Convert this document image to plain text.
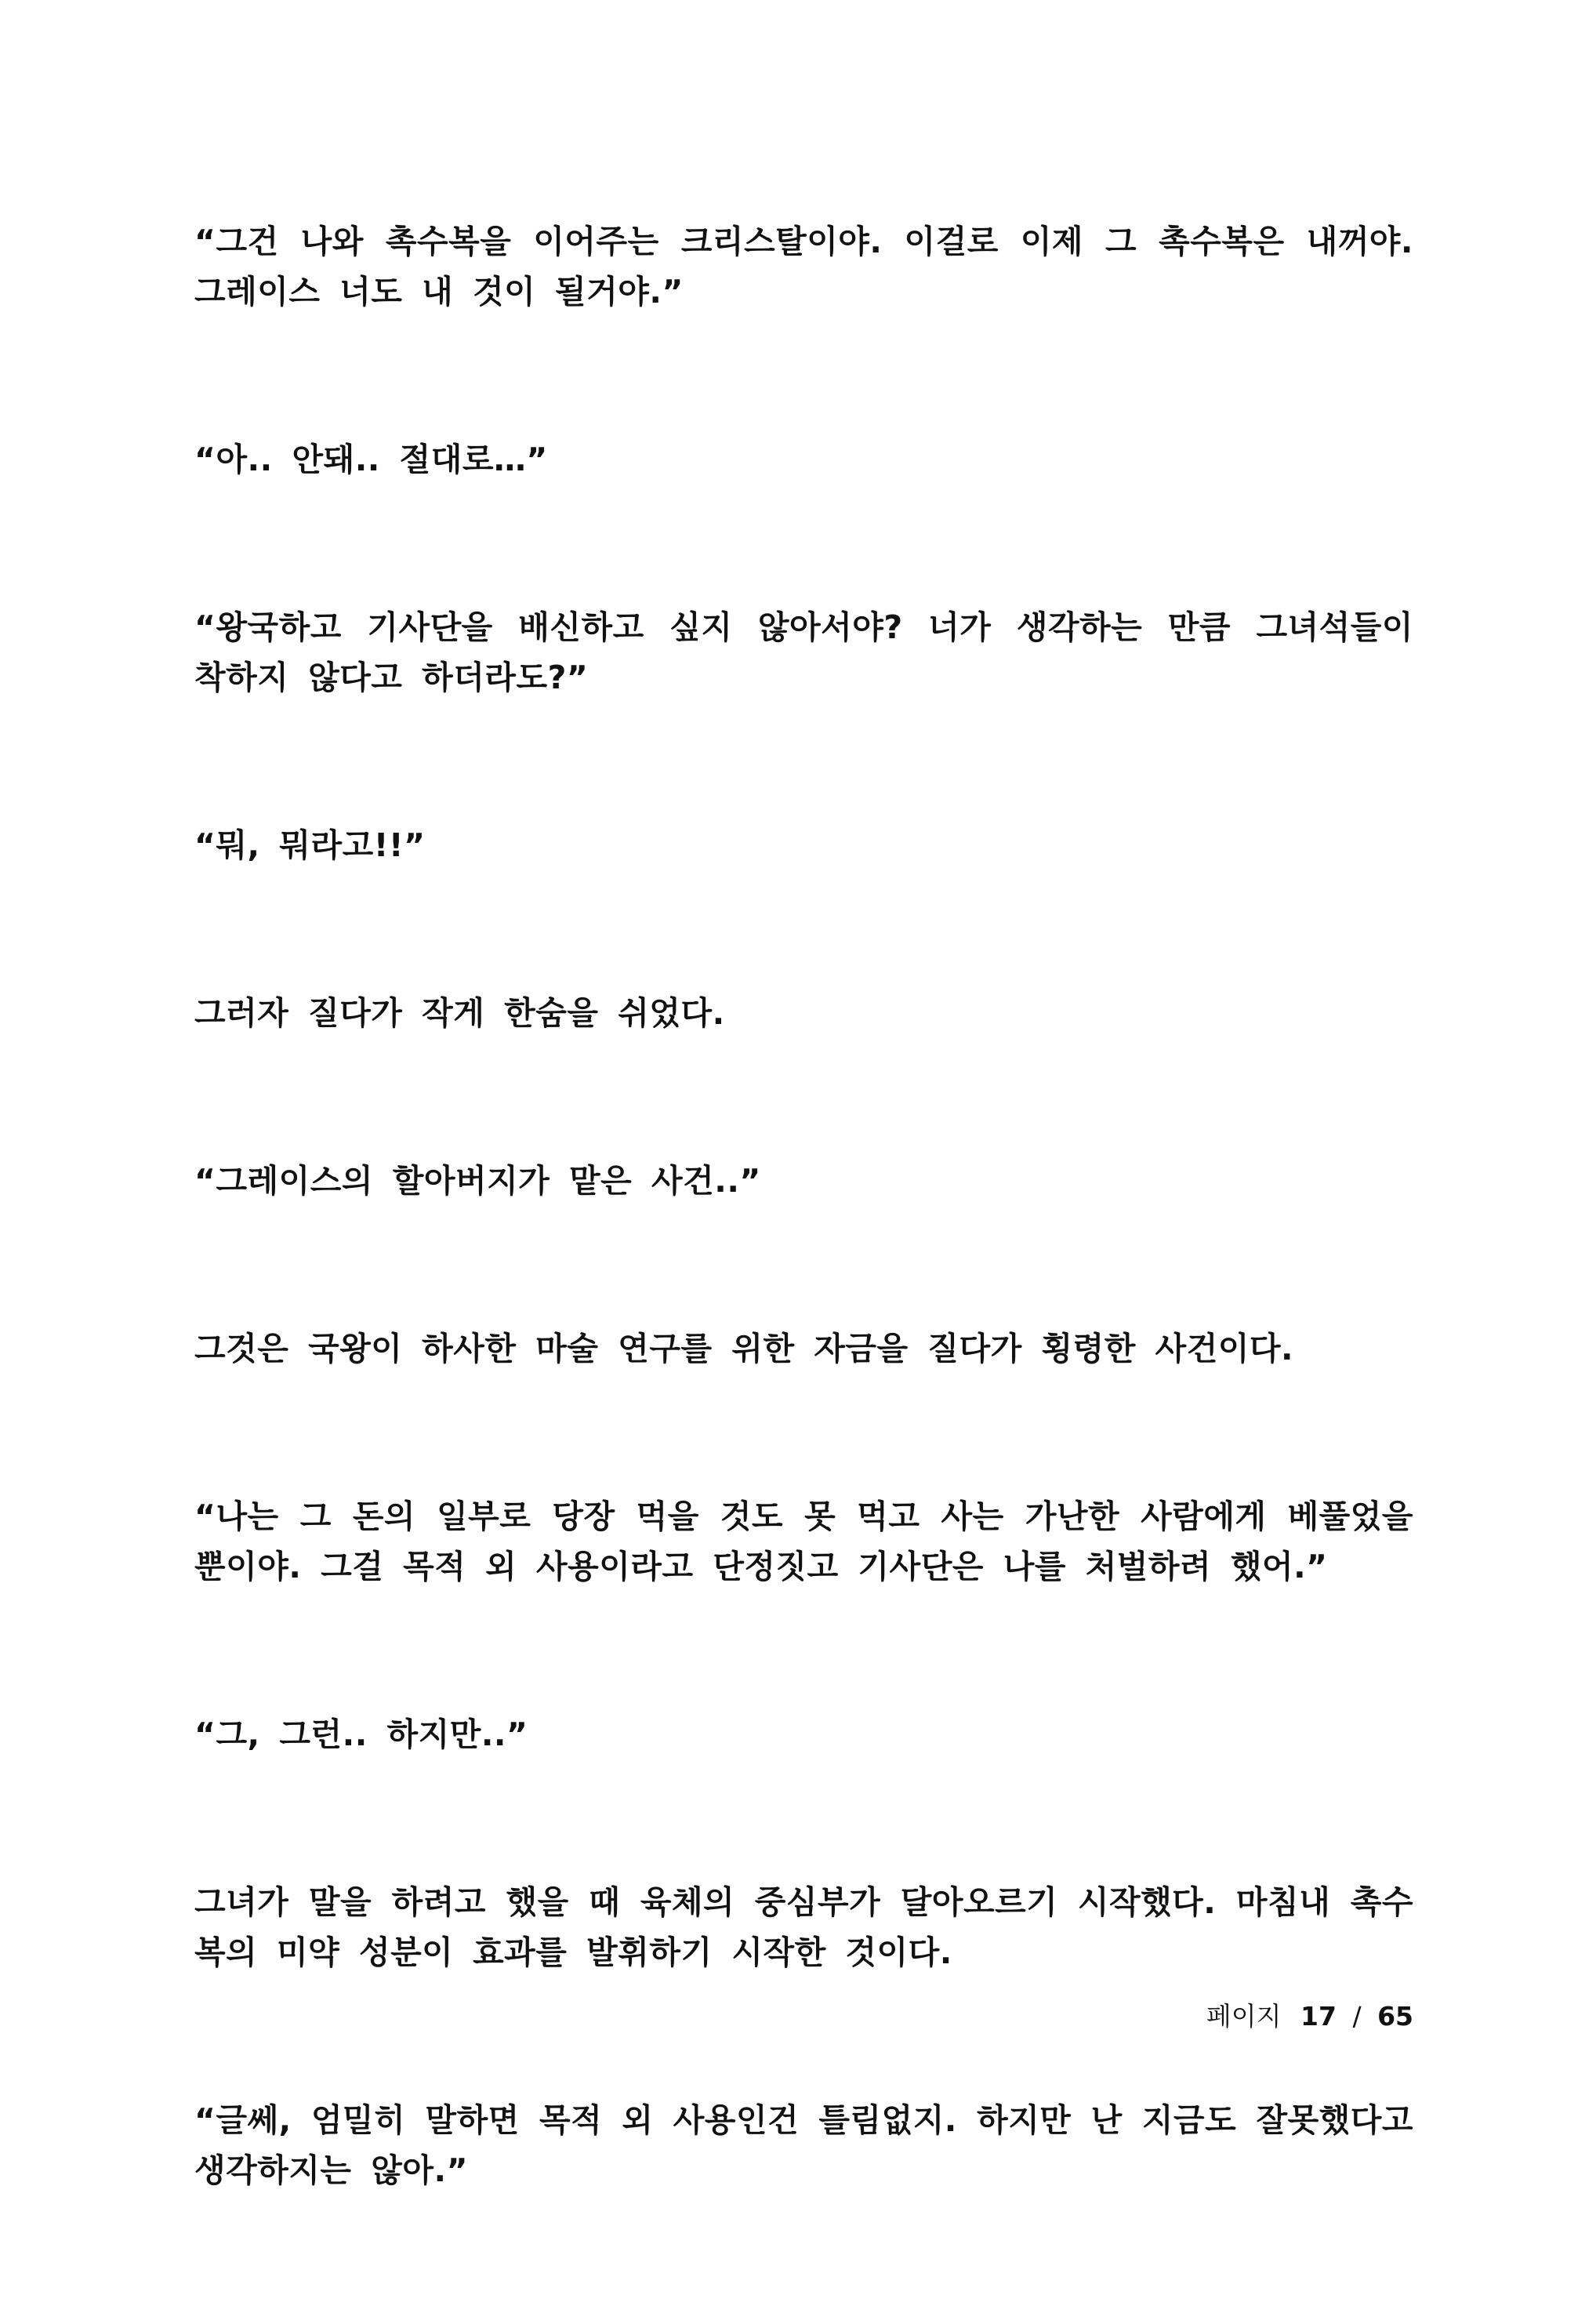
“그건 나와 촉수복을 이어주는 크리스탈이야. 이걸로 이제 그 촉수복은 내꺼야. 그레이스 너도 내 것이 될거야.”

“아.. 안돼.. 절대로…”

“왕국하고 기사단을 배신하고 싶지 않아서야? 너가 생각하는 만큼 그녀석들이 착하지 않다고 하더라도?”

“뭐, 뭐라고!!”

그러자 질다가 작게 한숨을 쉬었다.

“그레이스의 할아버지가 맡은 사건..”

그것은 국왕이 하사한 마술 연구를 위한 자금을 질다가 횡령한 사건이다.

“나는 그 돈의 일부로 당장 먹을 것도 못 먹고 사는 가난한 사람에게 베풀었을 뿐이야. 그걸 목적 외 사용이라고 단정짓고 기사단은 나를 처벌하려 했어.”

“그, 그런.. 하지만..”

그녀가 말을 하려고 했을 때 육체의 중심부가 달아오르기 시작했다. 마침내 촉수복의 미약 성분이 효과를 발휘하기 시작한 것이다.

“글쎄, 엄밀히 말하면 목적 외 사용인건 틀림없지. 하지만 난 지금도 잘못했다고 생각하지는 않아.”

페이지 17 / 65
